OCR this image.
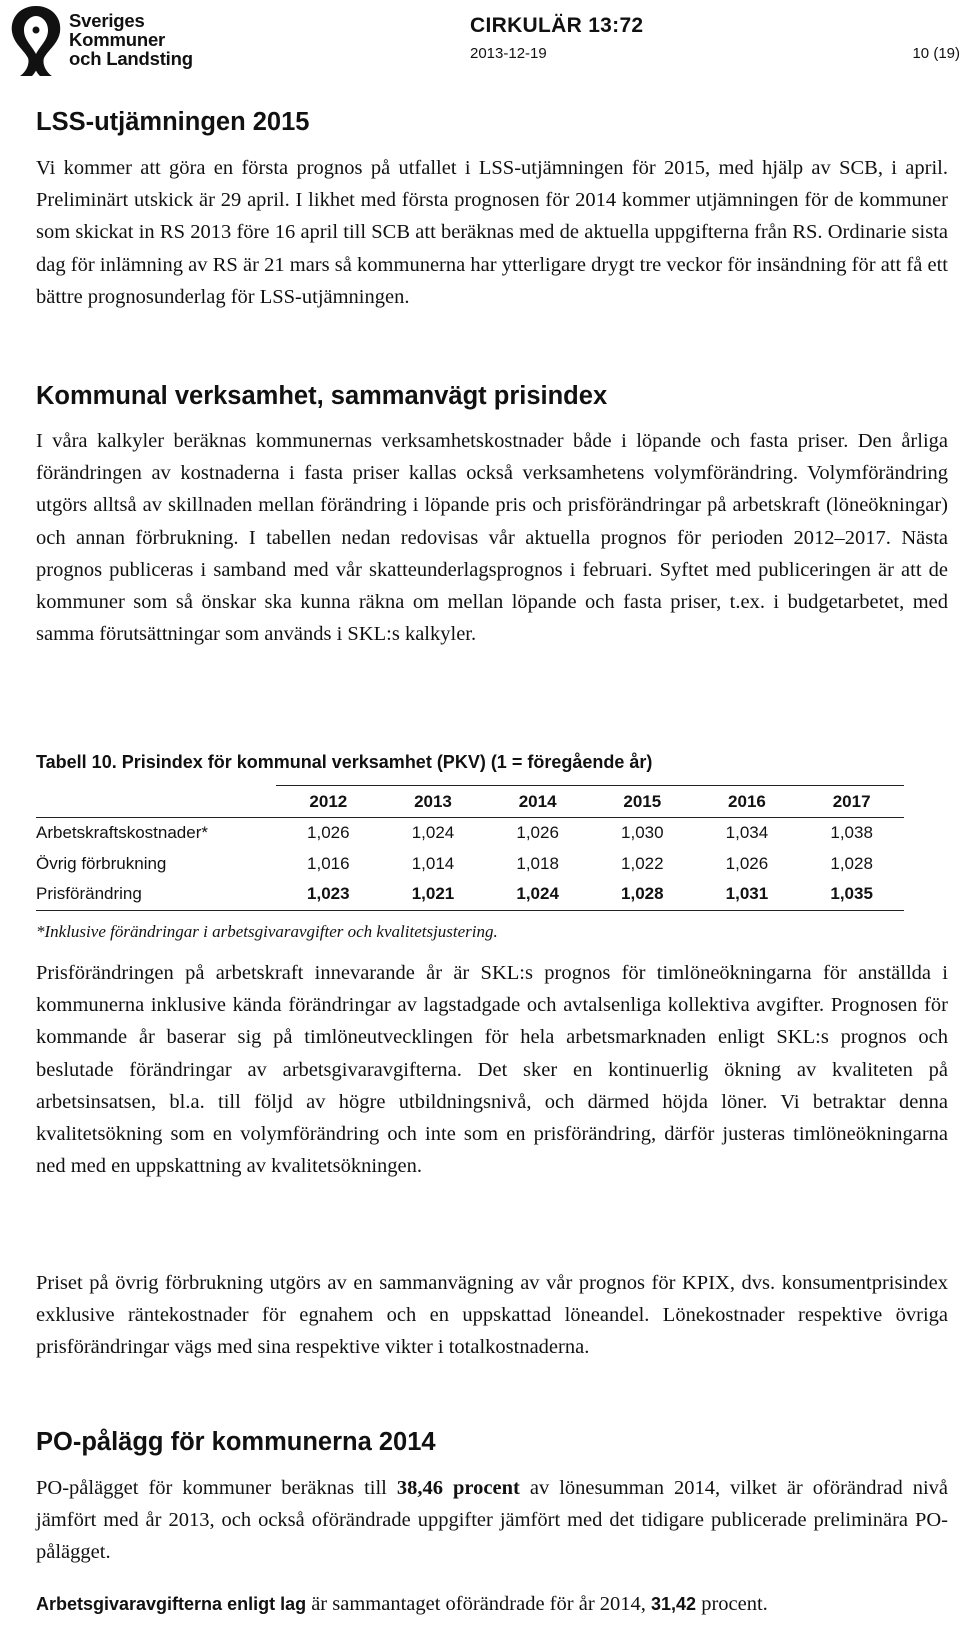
Sveriges
Kommuner
och Landsting
CIRKULÄR 13:72
2013-12-19	10 (19)
LSS-utjämningen 2015

Vi kommer att göra en första prognos på utfallet i LSS-utjämningen för 2015, med hjälp av SCB, i april. Preliminärt utskick är 29 april. I likhet med första prognosen för 2014 kommer utjämningen för de kommuner som skickat in RS 2013 före 16 april till SCB att beräknas med de aktuella uppgifterna från RS. Ordinarie sista dag för inlämning av RS är 21 mars så kommunerna har ytterligare drygt tre veckor för insändning för att få ett bättre prognosunderlag för LSS-utjämningen.

Kommunal verksamhet, sammanvägt prisindex

I våra kalkyler beräknas kommunernas verksamhetskostnader både i löpande och fasta priser. Den årliga förändringen av kostnaderna i fasta priser kallas också verksamhetens volymförändring. Volymförändring utgörs alltså av skillnaden mellan förändring i löpande pris och prisförändringar på arbetskraft (löneökningar) och annan förbrukning. I tabellen nedan redovisas vår aktuella prognos för perioden 2012–2017. Nästa prognos publiceras i samband med vår skatteunderlagsprognos i februari. Syftet med publiceringen är att de kommuner som så önskar ska kunna räkna om mellan löpande och fasta priser, t.ex. i budgetarbetet, med samma förutsättningar som används i SKL:s kalkyler.

Tabell 10. Prisindex för kommunal verksamhet (PKV) (1 = föregående år)
	2012	2013	2014	2015	2016	2017
Arbetskraftskostnader*	1,026	1,024	1,026	1,030	1,034	1,038
Övrig förbrukning	1,016	1,014	1,018	1,022	1,026	1,028
Prisförändring	1,023	1,021	1,024	1,028	1,031	1,035
*Inklusive förändringar i arbetsgivaravgifter och kvalitetsjustering.

Prisförändringen på arbetskraft innevarande år är SKL:s prognos för timlöneökningarna för anställda i kommunerna inklusive kända förändringar av lagstadgade och avtalsenliga kollektiva avgifter. Prognosen för kommande år baserar sig på timlöneutvecklingen för hela arbetsmarknaden enligt SKL:s prognos och beslutade förändringar av arbetsgivaravgifterna. Det sker en kontinuerlig ökning av kvaliteten på arbetsinsatsen, bl.a. till följd av högre utbildningsnivå, och därmed höjda löner. Vi betraktar denna kvalitetsökning som en volymförändring och inte som en prisförändring, därför justeras timlöneökningarna ned med en uppskattning av kvalitetsökningen.

Priset på övrig förbrukning utgörs av en sammanvägning av vår prognos för KPIX, dvs. konsumentprisindex exklusive räntekostnader för egnahem och en uppskattad löneandel. Lönekostnader respektive övriga prisförändringar vägs med sina respektive vikter i totalkostnaderna.

PO-pålägg för kommunerna 2014

PO-pålägget för kommuner beräknas till 38,46 procent av lönesumman 2014, vilket är oförändrad nivå jämfört med år 2013, och också oförändrade uppgifter jämfört med det tidigare publicerade preliminära PO-pålägget.

Arbetsgivaravgifterna enligt lag är sammantaget oförändrade för år 2014, 31,42 procent.
